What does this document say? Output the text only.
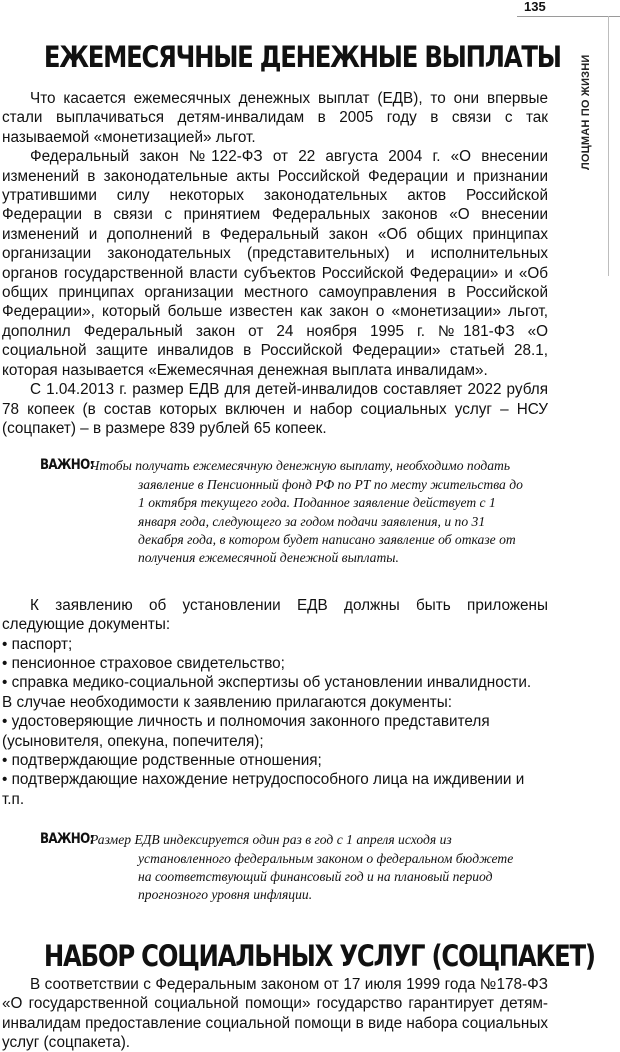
135
ЛОЦМАН ПО ЖИЗНИ
ЕЖЕМЕСЯЧНЫЕ ДЕНЕЖНЫЕ ВЫПЛАТЫ

Что касается ежемесячных денежных выплат (ЕДВ), то они впервые стали выплачиваться детям-инвалидам в 2005 году в связи с так называемой «монетизацией» льгот.

Федеральный закон №122-ФЗ от 22 августа 2004 г. «О внесении изменений в законодательные акты Российской Федерации и признании утратившими силу некоторых законодательных актов Российской Федерации в связи с принятием Федеральных законов «О внесении изменений и дополнений в Федеральный закон «Об общих принципах организации законодательных (представительных) и исполнительных органов государственной власти субъектов Российской Федерации» и «Об общих принципах организации местного самоуправления в Российской Федерации», который больше известен как закон о «монетизации» льгот, дополнил Федеральный закон от 24 ноября 1995 г. №181-ФЗ «О социальной защите инвалидов в Российской Федерации» статьей 28.1, которая называется «Ежемесячная денежная выплата инвалидам».

С 1.04.2013 г. размер ЕДВ для детей-инвалидов составляет 2022 рубля 78 копеек (в состав которых включен и набор социальных услуг – НСУ (соцпакет) – в размере 839 рублей 65 копеек.

ВАЖНО:

Чтобы получать ежемесячную денежную выплату, необходимо подать заявление в Пенсионный фонд РФ по РТ по месту жительства до 1 октября текущего года. Поданное заявление действует с 1 января года, следующего за годом подачи заявления, и по 31 декабря года, в котором будет написано заявление об отказе от получения ежемесячной денежной выплаты.

К заявлению об установлении ЕДВ должны быть приложены следующие документы:

• паспорт;

• пенсионное страховое свидетельство;

• справка медико-социальной экспертизы об установлении инвалидности.

В случае необходимости к заявлению прилагаются документы:

• удостоверяющие личность и полномочия законного представителя (усыновителя, опекуна, попечителя);

• подтверждающие родственные отношения;

• подтверждающие нахождение нетрудоспособного лица на иждивении и т.п.

ВАЖНО:

Размер ЕДВ индексируется один раз в год с 1 апреля исходя из установленного федеральным законом о федеральном бюджете на соответствующий финансовый год и на плановый период прогнозного уровня инфляции.

НАБОР СОЦИАЛЬНЫХ УСЛУГ (СОЦПАКЕТ)

В соответствии с Федеральным законом от 17 июля 1999 года №178-ФЗ «О государственной социальной помощи» государство гарантирует детям-инвалидам предоставление социальной помощи в виде набора социальных услуг (соцпакета).
